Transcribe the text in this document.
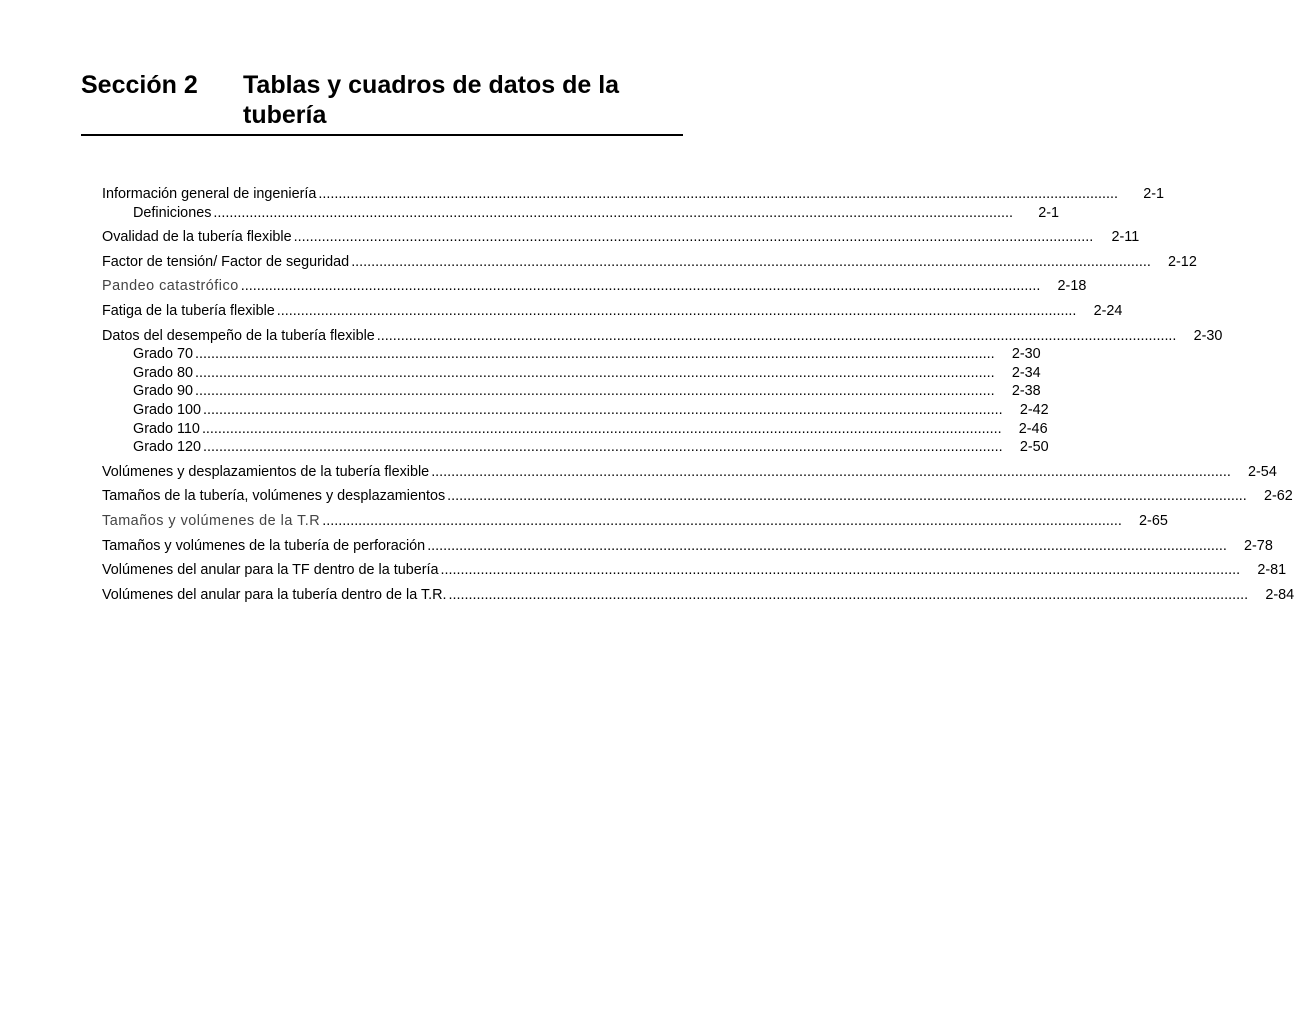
Sección 2	Tablas y cuadros de datos de la tubería
Información general de ingeniería ........................................................................................................................................................................................................	2-1
Definiciones ........................................................................................................................................................................................................	2-1
Ovalidad de la tubería flexible ........................................................................................................................................................................................................	2-11
Factor de tensión/ Factor de seguridad ........................................................................................................................................................................................................	2-12
Pandeo catastrófico ........................................................................................................................................................................................................	2-18
Fatiga de la tubería flexible ........................................................................................................................................................................................................	2-24
Datos del desempeño de la tubería flexible ........................................................................................................................................................................................................	2-30
Grado 70 ........................................................................................................................................................................................................	2-30
Grado 80 ........................................................................................................................................................................................................	2-34
Grado 90 ........................................................................................................................................................................................................	2-38
Grado 100 ........................................................................................................................................................................................................	2-42
Grado 110 ........................................................................................................................................................................................................	2-46
Grado 120 ........................................................................................................................................................................................................	2-50
Volúmenes y desplazamientos de la tubería flexible ........................................................................................................................................................................................................	2-54
Tamaños de la tubería, volúmenes y desplazamientos ........................................................................................................................................................................................................	2-62
Tamaños y volúmenes de la T.R ........................................................................................................................................................................................................	2-65
Tamaños y volúmenes de la tubería de perforación ........................................................................................................................................................................................................	2-78
Volúmenes del anular para la TF dentro de la tubería ........................................................................................................................................................................................................	2-81
Volúmenes del anular para la tubería dentro de la T.R. ........................................................................................................................................................................................................	2-84
